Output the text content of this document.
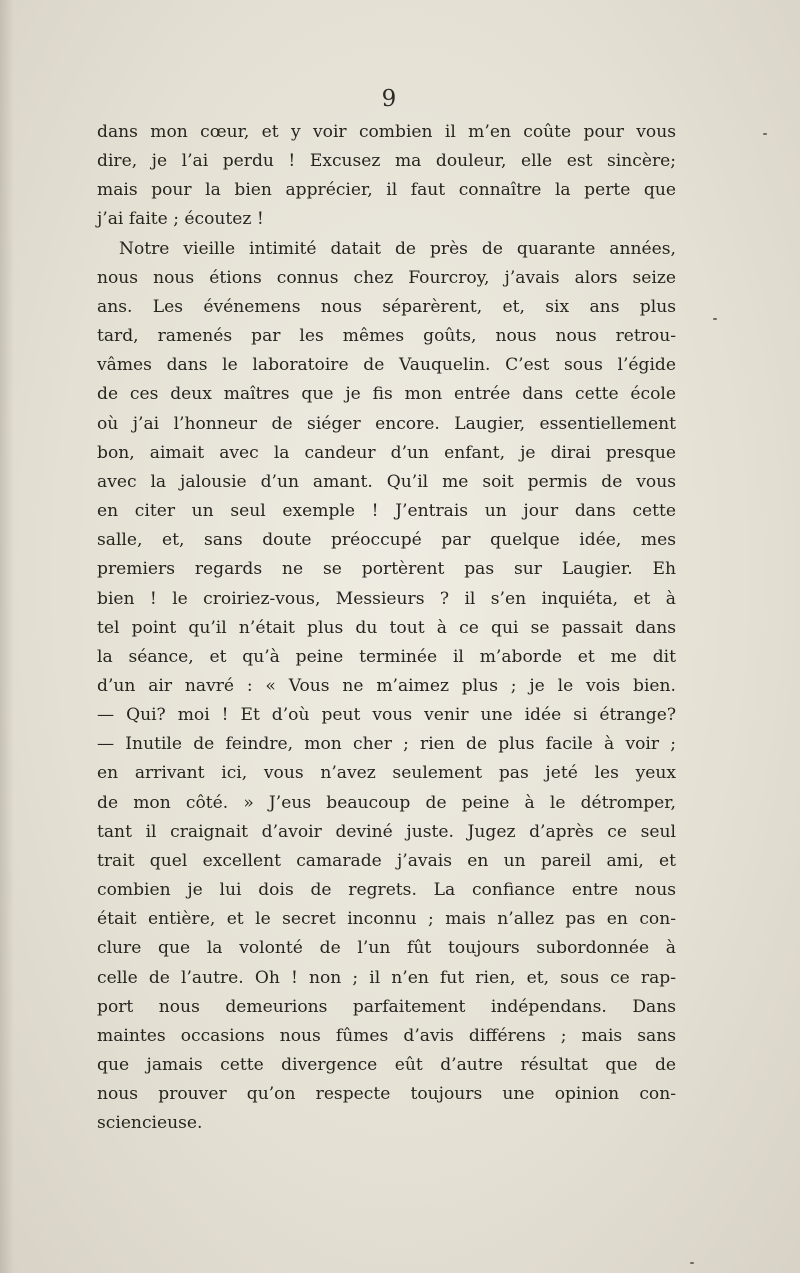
9
dans mon cœur, et y voir combien il m’en coûte pour vous
dire, je l’ai perdu ! Excusez ma douleur, elle est sincère;
mais pour la bien apprécier, il faut connaître la perte que
j’ai faite ; écoutez !
Notre vieille intimité datait de près de quarante années,
nous nous étions connus chez Fourcroy, j’avais alors seize
ans. Les événemens nous séparèrent, et, six ans plus
tard, ramenés par les mêmes goûts, nous nous retrou-
vâmes dans le laboratoire de Vauquelin. C’est sous l’égide
de ces deux maîtres que je fis mon entrée dans cette école
où j’ai l’honneur de siéger encore. Laugier, essentiellement
bon, aimait avec la candeur d’un enfant, je dirai presque
avec la jalousie d’un amant. Qu’il me soit permis de vous
en citer un seul exemple ! J’entrais un jour dans cette
salle, et, sans doute préoccupé par quelque idée, mes
premiers regards ne se portèrent pas sur Laugier. Eh
bien ! le croiriez-vous, Messieurs ? il s’en inquiéta, et à
tel point qu’il n’était plus du tout à ce qui se passait dans
la séance, et qu’à peine terminée il m’aborde et me dit
d’un air navré : « Vous ne m’aimez plus ; je le vois bien.
— Qui? moi ! Et d’où peut vous venir une idée si étrange?
— Inutile de feindre, mon cher ; rien de plus facile à voir ;
en arrivant ici, vous n’avez seulement pas jeté les yeux
de mon côté. » J’eus beaucoup de peine à le détromper,
tant il craignait d’avoir deviné juste. Jugez d’après ce seul
trait quel excellent camarade j’avais en un pareil ami, et
combien je lui dois de regrets. La confiance entre nous
était entière, et le secret inconnu ; mais n’allez pas en con-
clure que la volonté de l’un fût toujours subordonnée à
celle de l’autre. Oh ! non ; il n’en fut rien, et, sous ce rap-
port nous demeurions parfaitement indépendans. Dans
maintes occasions nous fûmes d’avis différens ; mais sans
que jamais cette divergence eût d’autre résultat que de
nous prouver qu’on respecte toujours une opinion con-
sciencieuse.
